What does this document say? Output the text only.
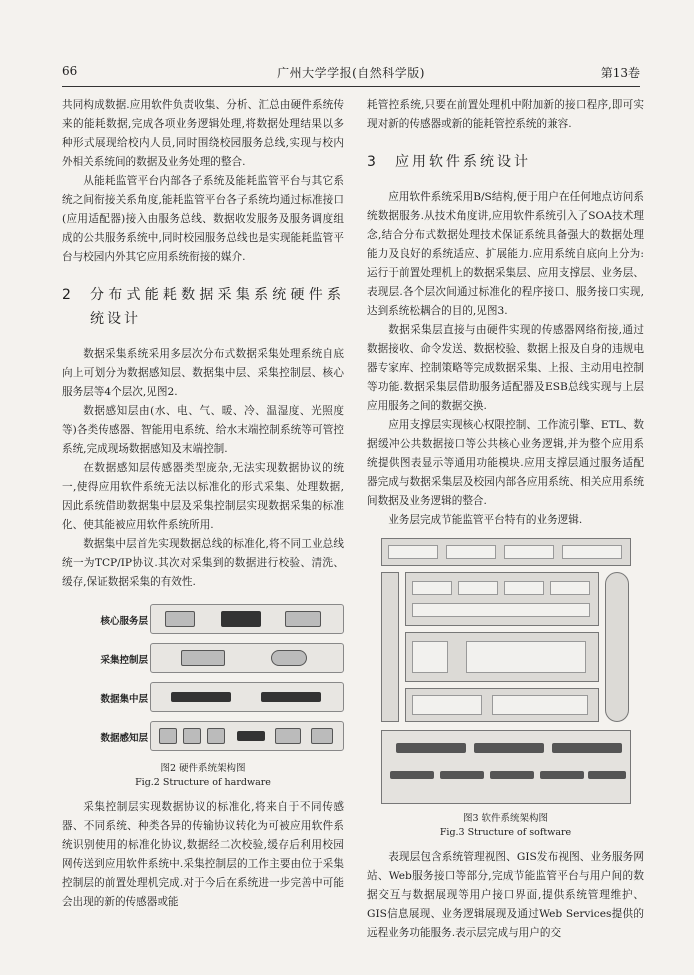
66	广州大学学报(自然科学版)	第13卷

共同构成数据.应用软件负责收集、分析、汇总由硬件系统传来的能耗数据,完成各项业务逻辑处理,将数据处理结果以多种形式展现给校内人员,同时围绕校园服务总线,实现与校内外相关系统间的数据及业务处理的整合.

从能耗监管平台内部各子系统及能耗监管平台与其它系统之间衔接关系角度,能耗监管平台各子系统均通过标准接口(应用适配器)接入由服务总线、数据收发服务及服务调度组成的公共服务系统中,同时校园服务总线也是实现能耗监管平台与校园内外其它应用系统衔接的媒介.

2	分布式能耗数据采集系统硬件系统设计

数据采集系统采用多层次分布式数据采集处理系统自底向上可划分为数据感知层、数据集中层、采集控制层、核心服务层等4个层次,见图2.

数据感知层由(水、电、气、暖、冷、温湿度、光照度等)各类传感器、智能用电系统、给水末端控制系统等可管控系统,完成现场数据感知及末端控制.

在数据感知层传感器类型庞杂,无法实现数据协议的统一,使得应用软件系统无法以标准化的形式采集、处理数据,因此系统借助数据集中层及采集控制层实现数据采集的标准化、使其能被应用软件系统所用.

数据集中层首先实现数据总线的标准化,将不同工业总线统一为TCP/IP协议.其次对采集到的数据进行校验、清洗、缓存,保证数据采集的有效性.

核心服务层
采集控制层
数据集中层
数据感知层
图2 硬件系统架构图
Fig.2 Structure of hardware

采集控制层实现数据协议的标准化,将来自于不同传感器、不同系统、种类各异的传输协议转化为可被应用软件系统识别使用的标准化协议,数据经二次校验,缓存后利用校园网传送到应用软件系统中.采集控制层的工作主要由位于采集控制层的前置处理机完成.对于今后在系统进一步完善中可能会出现的新的传感器或能

耗管控系统,只要在前置处理机中附加新的接口程序,即可实现对新的传感器或新的能耗管控系统的兼容.

3	应用软件系统设计

应用软件系统采用B/S结构,便于用户在任何地点访问系统数据服务.从技术角度讲,应用软件系统引入了SOA技术理念,结合分布式数据处理技术保证系统具备强大的数据处理能力及良好的系统适应、扩展能力.应用系统自底向上分为:运行于前置处理机上的数据采集层、应用支撑层、业务层、表现层.各个层次间通过标准化的程序接口、服务接口实现,达到系统松耦合的目的,见图3.

数据采集层直接与由硬件实现的传感器网络衔接,通过数据接收、命令发送、数据校验、数据上报及自身的违规电器专家库、控制策略等完成数据采集、上报、主动用电控制等功能.数据采集层借助服务适配器及ESB总线实现与上层应用服务之间的数据交换.

应用支撑层实现核心权限控制、工作流引擎、ETL、数据缓冲公共数据接口等公共核心业务逻辑,并为整个应用系统提供图表显示等通用功能模块.应用支撑层通过服务适配器完成与数据采集层及校园内部各应用系统、相关应用系统间数据及业务逻辑的整合.

业务层完成节能监管平台特有的业务逻辑.

图3 软件系统架构图
Fig.3 Structure of software

表现层包含系统管理视图、GIS发布视图、业务服务网站、Web服务接口等部分,完成节能监管平台与用户间的数据交互与数据展现等用户接口界面,提供系统管理维护、GIS信息展现、业务逻辑展现及通过Web Services提供的远程业务功能服务.表示层完成与用户的交
